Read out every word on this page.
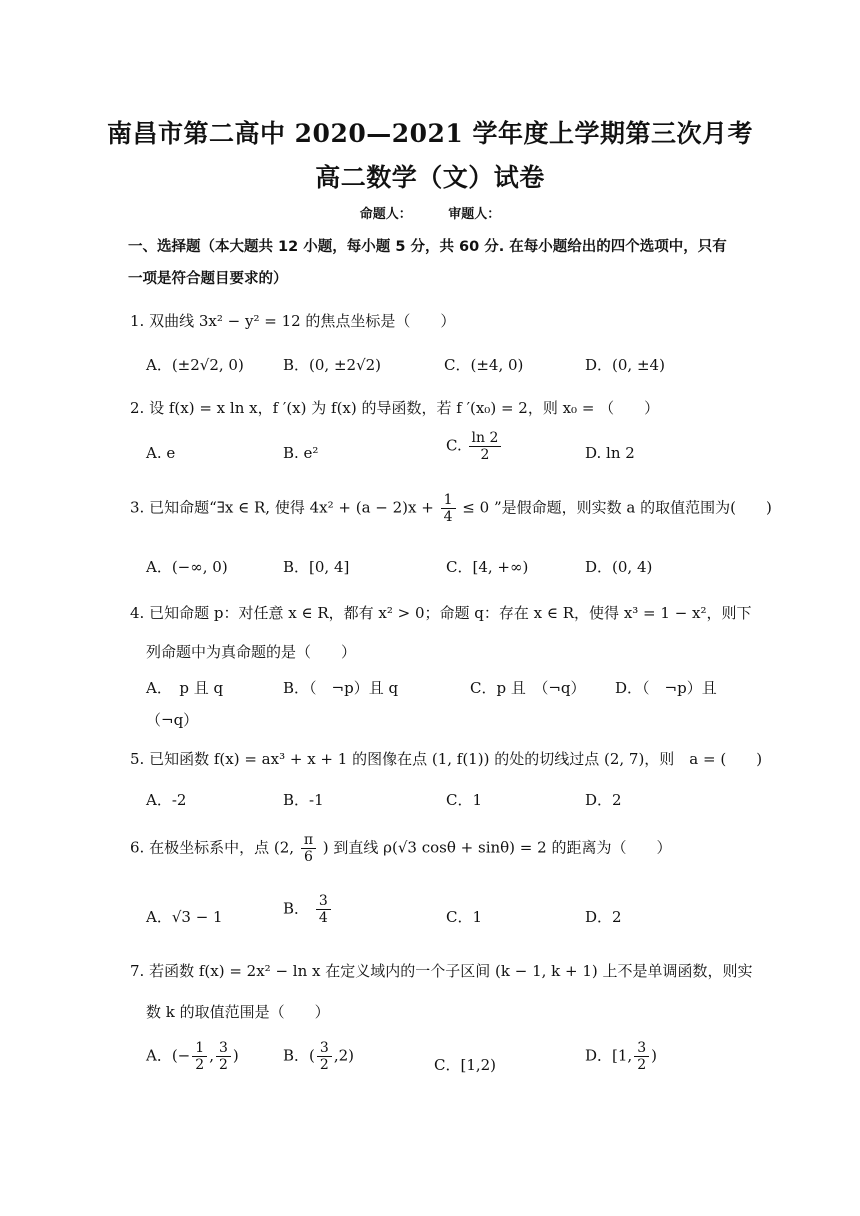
南昌市第二高中 2020—2021 学年度上学期第三次月考
高二数学（文）试卷
命题人：	审题人：
一、选择题（本大题共 12 小题，每小题 5 分，共 60 分. 在每小题给出的四个选项中，只有
一项是符合题目要求的）
1. 双曲线 3x² − y² = 12 的焦点坐标是（　　）
A．(±2√2, 0)	B．(0, ±2√2)	C．(±4, 0)	D．(0, ±4)
2. 设 f(x) = x ln x，f ′(x) 为 f(x) 的导函数，若 f ′(x₀) = 2，则 x₀ = （　　）
A. e	B. e²	C. $\frac{\ln 2}{2}$	D. ln 2
3. 已知命题“∃x ∈ R, 使得 $4x^2 + (a - 2)x + \frac{1}{4} \le 0$ ”是假命题，则实数 a 的取值范围为(　　)
A．(−∞, 0)	B．[0, 4]	C．[4, +∞)	D．(0, 4)
4. 已知命题 p：对任意 x ∈ R，都有 x² > 0；命题 q：存在 x ∈ R，使得 x³ = 1 − x²，则下
列命题中为真命题的是（　　）
A．　p 且 q	B．（　¬p）且 q	C．p 且　（¬q） D．（　¬p）且
（¬q）
5. 已知函数 f(x) = ax³ + x + 1 的图像在点 (1, f(1)) 的处的切线过点 (2, 7)，则　a = (　　)
A．-2	B．-1	C．1	D．2
6. 在极坐标系中，点 (2, $\frac{\pi}{6}$ ) 到直线 ρ(√3 cosθ + sinθ) = 2 的距离为（　　）
A．√3 − 1	B． $\frac{3}{4}$	C．1	D．2
7. 若函数 f(x) = 2x² − ln x 在定义域内的一个子区间 (k − 1, k + 1) 上不是单调函数，则实
数 k 的取值范围是（　　）
A．(− $\frac{1}{2}$ , $\frac{3}{2}$ )	B．( $\frac{3}{2} ,2$)
C．[1,2)
D．[1, $\frac{3}{2}$ )
